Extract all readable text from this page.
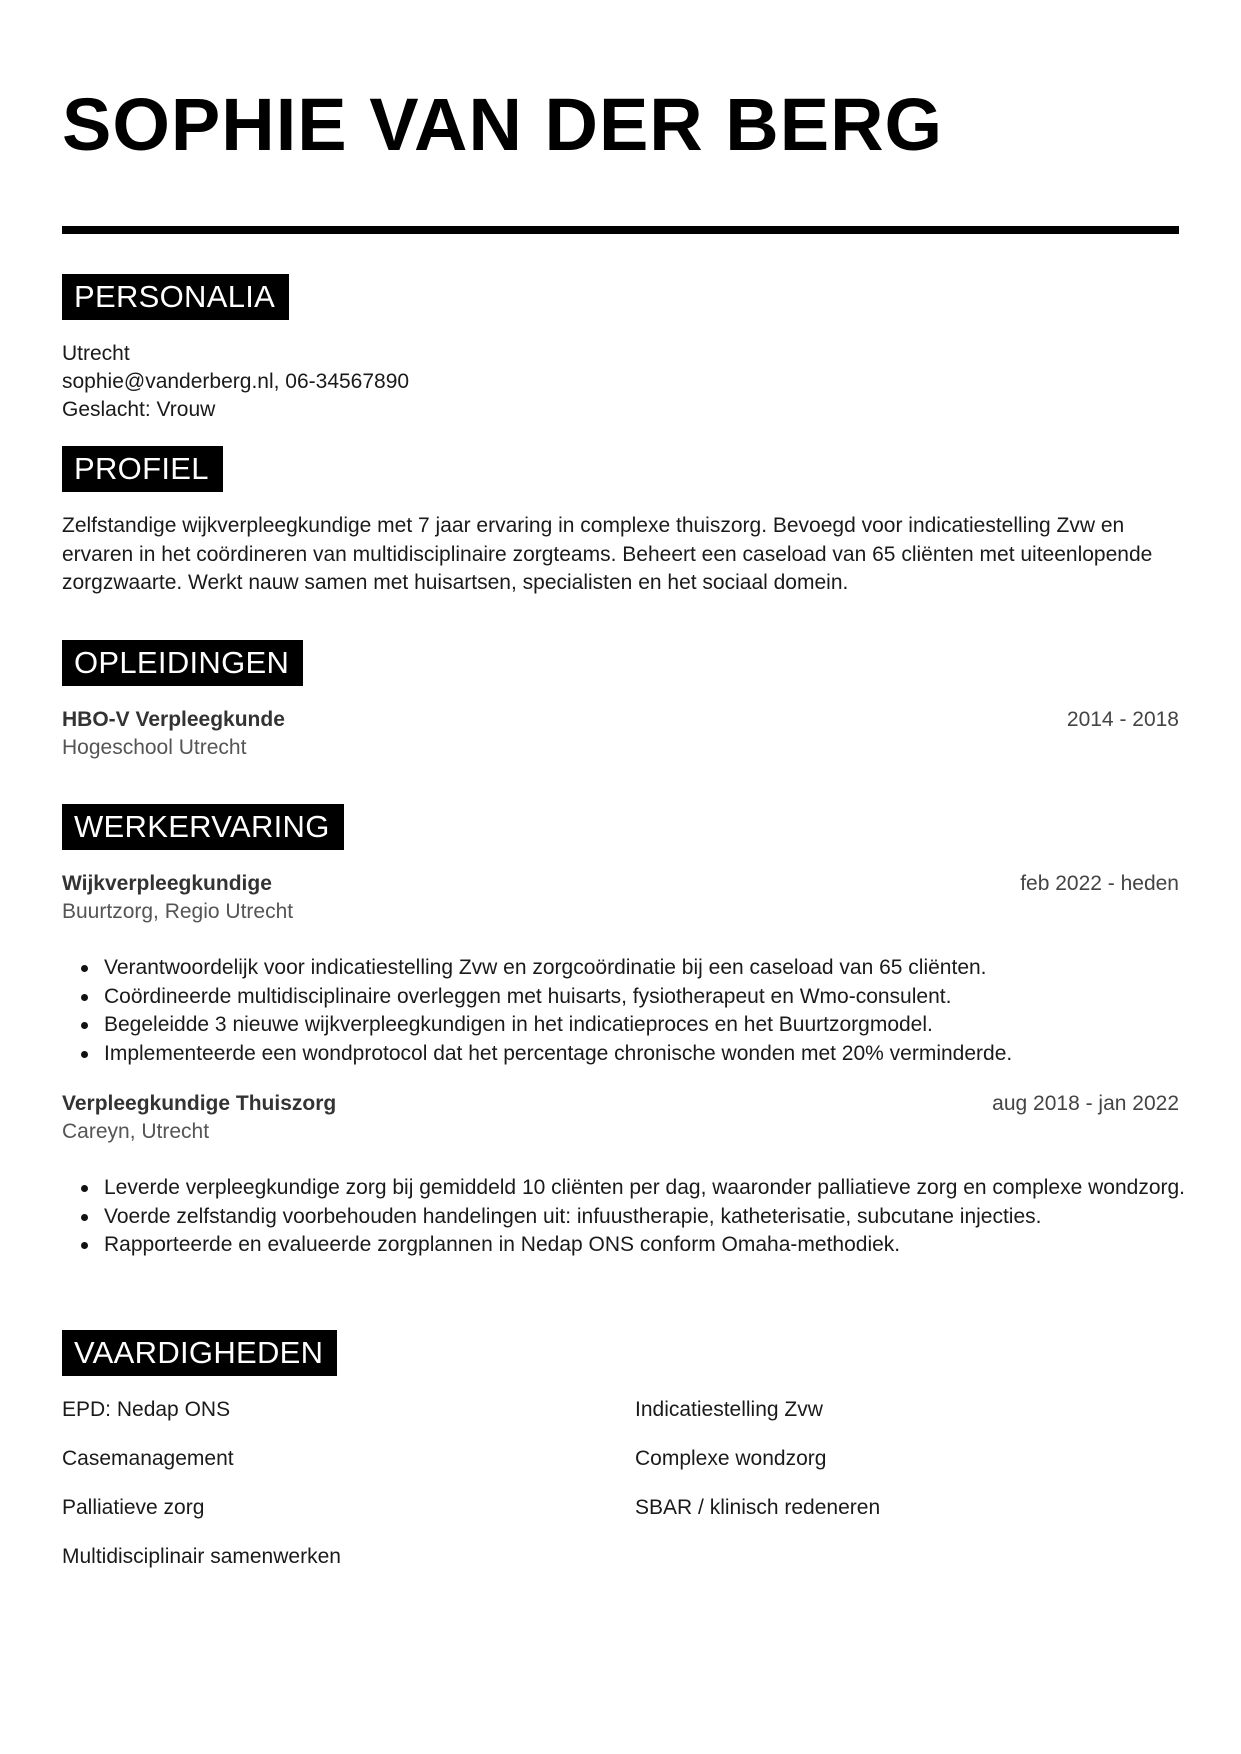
SOPHIE VAN DER BERG
PERSONALIA
Utrecht
sophie@vanderberg.nl, 06-34567890
Geslacht: Vrouw
PROFIEL

Zelfstandige wijkverpleegkundige met 7 jaar ervaring in complexe thuiszorg. Bevoegd voor indicatiestelling Zvw en ervaren in het coördineren van multidisciplinaire zorgteams. Beheert een caseload van 65 cliënten met uiteenlopende zorgzwaarte. Werkt nauw samen met huisartsen, specialisten en het sociaal domein.

OPLEIDINGEN
HBO-V Verpleegkunde	2014 - 2018
Hogeschool Utrecht
WERKERVARING
Wijkverpleegkundige	feb 2022 - heden
Buurtzorg, Regio Utrecht
Verantwoordelijk voor indicatiestelling Zvw en zorgcoördinatie bij een caseload van 65 cliënten.
Coördineerde multidisciplinaire overleggen met huisarts, fysiotherapeut en Wmo-consulent.
Begeleidde 3 nieuwe wijkverpleegkundigen in het indicatieproces en het Buurtzorgmodel.
Implementeerde een wondprotocol dat het percentage chronische wonden met 20% verminderde.
Verpleegkundige Thuiszorg	aug 2018 - jan 2022
Careyn, Utrecht
Leverde verpleegkundige zorg bij gemiddeld 10 cliënten per dag, waaronder palliatieve zorg en complexe wondzorg.
Voerde zelfstandig voorbehouden handelingen uit: infuustherapie, katheterisatie, subcutane injecties.
Rapporteerde en evalueerde zorgplannen in Nedap ONS conform Omaha-methodiek.
VAARDIGHEDEN
EPD: Nedap ONS	Indicatiestelling Zvw
Casemanagement	Complexe wondzorg
Palliatieve zorg	SBAR / klinisch redeneren
Multidisciplinair samenwerken
